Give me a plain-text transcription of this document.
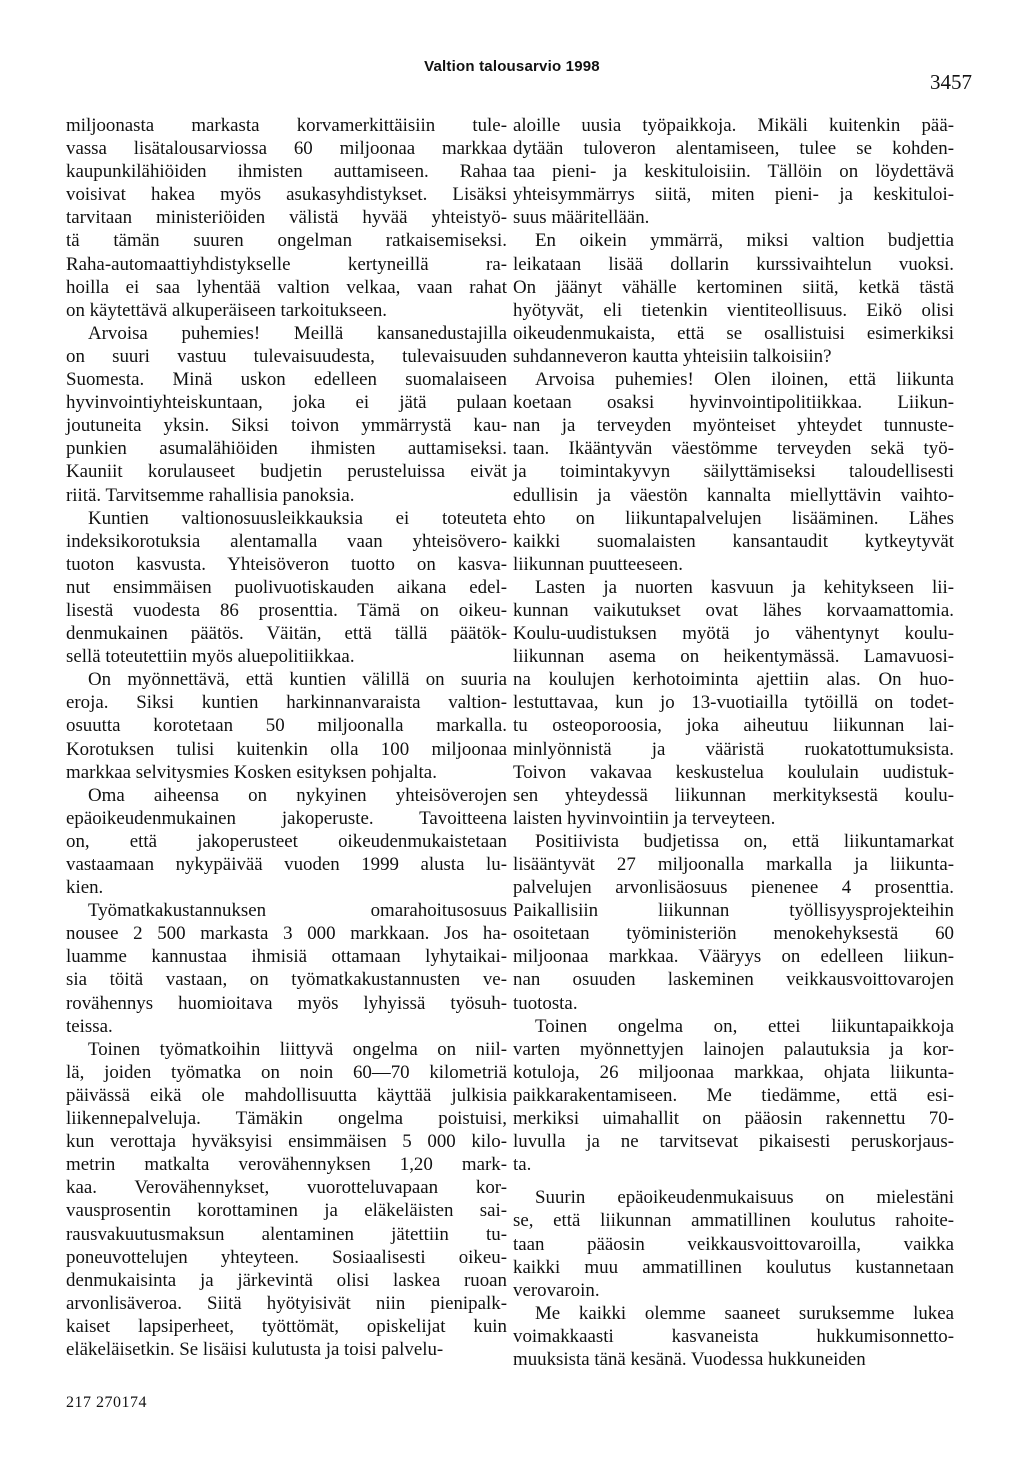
Valtion talousarvio 1998
3457
miljoonasta markasta korvamerkittäisiin tule-
vassa lisätalousarviossa 60 miljoonaa markkaa
kaupunkilähiöiden ihmisten auttamiseen. Rahaa
voisivat hakea myös asukasyhdistykset. Lisäksi
tarvitaan ministeriöiden välistä hyvää yhteistyö-
tä tämän suuren ongelman ratkaisemiseksi.
Raha-automaattiyhdistykselle kertyneillä ra-
hoilla ei saa lyhentää valtion velkaa, vaan rahat
on käytettävä alkuperäiseen tarkoitukseen.
Arvoisa puhemies! Meillä kansanedustajilla
on suuri vastuu tulevaisuudesta, tulevaisuuden
Suomesta. Minä uskon edelleen suomalaiseen
hyvinvointiyhteiskuntaan, joka ei jätä pulaan
joutuneita yksin. Siksi toivon ymmärrystä kau-
punkien asumalähiöiden ihmisten auttamiseksi.
Kauniit korulauseet budjetin perusteluissa eivät
riitä. Tarvitsemme rahallisia panoksia.
Kuntien valtionosuusleikkauksia ei toteuteta
indeksikorotuksia alentamalla vaan yhteisövero-
tuoton kasvusta. Yhteisöveron tuotto on kasva-
nut ensimmäisen puolivuotiskauden aikana edel-
lisestä vuodesta 86 prosenttia. Tämä on oikeu-
denmukainen päätös. Väitän, että tällä päätök-
sellä toteutettiin myös aluepolitiikkaa.
On myönnettävä, että kuntien välillä on suuria
eroja. Siksi kuntien harkinnanvaraista valtion-
osuutta korotetaan 50 miljoonalla markalla.
Korotuksen tulisi kuitenkin olla 100 miljoonaa
markkaa selvitysmies Kosken esityksen pohjalta.
Oma aiheensa on nykyinen yhteisöverojen
epäoikeudenmukainen jakoperuste. Tavoitteena
on, että jakoperusteet oikeudenmukaistetaan
vastaamaan nykypäivää vuoden 1999 alusta lu-
kien.
Työmatkakustannuksen omarahoitusosuus
nousee 2 500 markasta 3 000 markkaan. Jos ha-
luamme kannustaa ihmisiä ottamaan lyhytaikai-
sia töitä vastaan, on työmatkakustannusten ve-
rovähennys huomioitava myös lyhyissä työsuh-
teissa.
Toinen työmatkoihin liittyvä ongelma on niil-
lä, joiden työmatka on noin 60—70 kilometriä
päivässä eikä ole mahdollisuutta käyttää julkisia
liikennepalveluja. Tämäkin ongelma poistuisi,
kun verottaja hyväksyisi ensimmäisen 5 000 kilo-
metrin matkalta verovähennyksen 1,20 mark-
kaa. Verovähennykset, vuorotteluvapaan kor-
vausprosentin korottaminen ja eläkeläisten sai-
rausvakuutusmaksun alentaminen jätettiin tu-
poneuvottelujen yhteyteen. Sosiaalisesti oikeu-
denmukaisinta ja järkevintä olisi laskea ruoan
arvonlisäveroa. Siitä hyötyisivät niin pienipalk-
kaiset lapsiperheet, työttömät, opiskelijat kuin
eläkeläisetkin. Se lisäisi kulutusta ja toisi palvelu-
aloille uusia työpaikkoja. Mikäli kuitenkin pää-
dytään tuloveron alentamiseen, tulee se kohden-
taa pieni- ja keskituloisiin. Tällöin on löydettävä
yhteisymmärrys siitä, miten pieni- ja keskituloi-
suus määritellään.
En oikein ymmärrä, miksi valtion budjettia
leikataan lisää dollarin kurssivaihtelun vuoksi.
On jäänyt vähälle kertominen siitä, ketkä tästä
hyötyvät, eli tietenkin vientiteollisuus. Eikö olisi
oikeudenmukaista, että se osallistuisi esimerkiksi
suhdanneveron kautta yhteisiin talkoisiin?
Arvoisa puhemies! Olen iloinen, että liikunta
koetaan osaksi hyvinvointipolitiikkaa. Liikun-
nan ja terveyden myönteiset yhteydet tunnuste-
taan. Ikääntyvän väestömme terveyden sekä työ-
ja toimintakyvyn säilyttämiseksi taloudellisesti
edullisin ja väestön kannalta miellyttävin vaihto-
ehto on liikuntapalvelujen lisääminen. Lähes
kaikki suomalaisten kansantaudit kytkeytyvät
liikunnan puutteeseen.
Lasten ja nuorten kasvuun ja kehitykseen lii-
kunnan vaikutukset ovat lähes korvaamattomia.
Koulu-uudistuksen myötä jo vähentynyt koulu-
liikunnan asema on heikentymässä. Lamavuosi-
na koulujen kerhotoiminta ajettiin alas. On huo-
lestuttavaa, kun jo 13-vuotiailla tytöillä on todet-
tu osteoporoosia, joka aiheutuu liikunnan lai-
minlyönnistä ja vääristä ruokatottumuksista.
Toivon vakavaa keskustelua koululain uudistuk-
sen yhteydessä liikunnan merkityksestä koulu-
laisten hyvinvointiin ja terveyteen.
Positiivista budjetissa on, että liikuntamarkat
lisääntyvät 27 miljoonalla markalla ja liikunta-
palvelujen arvonlisäosuus pienenee 4 prosenttia.
Paikallisiin liikunnan työllisyysprojekteihin
osoitetaan työministeriön menokehyksestä 60
miljoonaa markkaa. Vääryys on edelleen liikun-
nan osuuden laskeminen veikkausvoittovarojen
tuotosta.
Toinen ongelma on, ettei liikuntapaikkoja
varten myönnettyjen lainojen palautuksia ja kor-
kotuloja, 26 miljoonaa markkaa, ohjata liikunta-
paikkarakentamiseen. Me tiedämme, että esi-
merkiksi uimahallit on pääosin rakennettu 70-
luvulla ja ne tarvitsevat pikaisesti peruskorjaus-
ta.
Suurin epäoikeudenmukaisuus on mielestäni
se, että liikunnan ammatillinen koulutus rahoite-
taan pääosin veikkausvoittovaroilla, vaikka
kaikki muu ammatillinen koulutus kustannetaan
verovaroin.
Me kaikki olemme saaneet suruksemme lukea
voimakkaasti kasvaneista hukkumisonnetto-
muuksista tänä kesänä. Vuodessa hukkuneiden
217 270174
